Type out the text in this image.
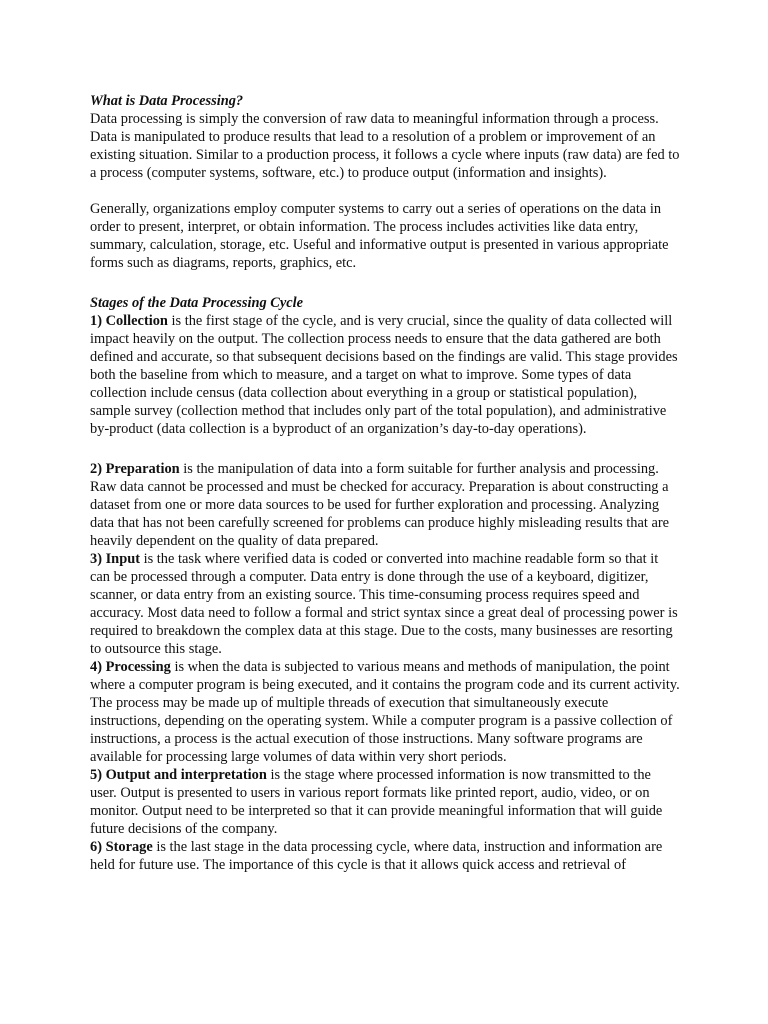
What is Data Processing?

Data processing is simply the conversion of raw data to meaningful information through a process. Data is manipulated to produce results that lead to a resolution of a problem or improvement of an existing situation. Similar to a production process, it follows a cycle where inputs (raw data) are fed to a process (computer systems, software, etc.) to produce output (information and insights).

Generally, organizations employ computer systems to carry out a series of operations on the data in order to present, interpret, or obtain information. The process includes activities like data entry, summary, calculation, storage, etc. Useful and informative output is presented in various appropriate forms such as diagrams, reports, graphics, etc.

Stages of the Data Processing Cycle

1) Collection is the first stage of the cycle, and is very crucial, since the quality of data collected will impact heavily on the output. The collection process needs to ensure that the data gathered are both defined and accurate, so that subsequent decisions based on the findings are valid. This stage provides both the baseline from which to measure, and a target on what to improve. Some types of data collection include census (data collection about everything in a group or statistical population), sample survey (collection method that includes only part of the total population), and administrative by-product (data collection is a byproduct of an organization’s day-to-day operations).

2) Preparation is the manipulation of data into a form suitable for further analysis and processing. Raw data cannot be processed and must be checked for accuracy. Preparation is about constructing a dataset from one or more data sources to be used for further exploration and processing. Analyzing data that has not been carefully screened for problems can produce highly misleading results that are heavily dependent on the quality of data prepared.

3) Input is the task where verified data is coded or converted into machine readable form so that it can be processed through a computer. Data entry is done through the use of a keyboard, digitizer, scanner, or data entry from an existing source. This time-consuming process requires speed and accuracy. Most data need to follow a formal and strict syntax since a great deal of processing power is required to breakdown the complex data at this stage. Due to the costs, many businesses are resorting to outsource this stage.

4) Processing is when the data is subjected to various means and methods of manipulation, the point where a computer program is being executed, and it contains the program code and its current activity. The process may be made up of multiple threads of execution that simultaneously execute instructions, depending on the operating system. While a computer program is a passive collection of instructions, a process is the actual execution of those instructions. Many software programs are available for processing large volumes of data within very short periods.

5) Output and interpretation is the stage where processed information is now transmitted to the user. Output is presented to users in various report formats like printed report, audio, video, or on monitor. Output need to be interpreted so that it can provide meaningful information that will guide future decisions of the company.

6) Storage is the last stage in the data processing cycle, where data, instruction and information are held for future use. The importance of this cycle is that it allows quick access and retrieval of
